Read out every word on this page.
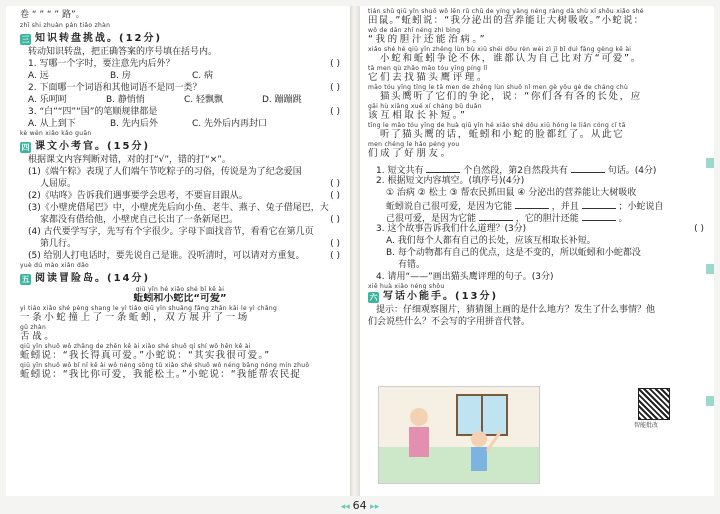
卷 “ ” “ ” 路”。
zhī shi zhuàn pán tiǎo zhàn
三 知识转盘挑战。(12分)
转动知识转盘，把正确答案的序号填在括号内。
1. 写哪一个字时，要注意先内后外？	( )
A. 远	B. 房	C. 病
2. 下面哪一个词语和其他词语不是同一类？	( )
A. 乐呵呵	B. 静悄悄	C. 轻飘飘	D. 蹦蹦跳
3. “白”“四”“国”的笔顺规律都是	( )
A. 从上到下	B. 先内后外	C. 先外后内再封口
kè wén xiǎo kǎo guān
四 课文小考官。(15分)
根据课文内容判断对错，对的打“√”，错的打“×”。
(1)《端午粽》表现了人们端午节吃粽子的习俗，传说是为了纪念爱国
人屈原。	( )
(2)《咕咚》告诉我们遇事要学会思考，不要盲目跟从。	( )
(3)《小壁虎借尾巴》中，小壁虎先后向小鱼、老牛、燕子、兔子借尾巴，大
家都没有借给他，小壁虎自己长出了一条新尾巴。	( )
(4) 古代要学写字，先写有个字很少。字母下面找音节，看看它在第几页
第几行。	( )
(5) 给别人打电话时，要先说自己是谁。没听清时，可以请对方重复。	( )
yuè dú mào xiǎn dǎo
五 阅读冒险岛。(14分)
qiū yǐn hé xiǎo shé bǐ kě ài
蚯蚓和小蛇比“可爱”
yì tiáo xiǎo shé pèng shang le yì tiáo qiū yǐn shuāng fāng zhǎn kāi le yì chǎng
一条小蛇撞上了一条蚯蚓，双方展开了一场
gǔ zhàn
舌战。
qiū yǐn shuō wǒ zhǎng de zhēn kě ài xiǎo shé shuō qí shí wǒ hěn kě ài
蚯蚓说：“我长得真可爱。”小蛇说：“其实我很可爱。”
qiū yǐn shuō wǒ bǐ nǐ kě ài wǒ néng sōng tǔ xiǎo shé shuō wǒ néng bāng nóng mín zhuō
蚯蚓说：“我比你可爱，我能松土。”小蛇说：“我能帮农民捉
tián shǔ qiū yǐn shuō wǒ lēn rǔ chū de yíng yǎng néng ràng dà shù xī shōu xiǎo shé
田鼠。”蚯蚓说：“我分泌出的营养能让大树吸收。”小蛇说：
wǒ de dān zhī néng zhì bìng
“我的胆汁还能治病。”
xiǎo shé hé qiū yǐn zhēng lùn bù xiū shéi dōu rèn wéi zì jǐ bǐ duì fāng gèng kě ài
小蛇和蚯蚓争论不休，谁都认为自己比对方“可爱”。
tā men qù zhǎo māo tóu yīng píng lǐ
它们去找猫头鹰评理。
māo tóu yīng tīng le tā men de zhēng lùn shuō nǐ men gè yǒu gè de cháng chù
猫头鹰听了它们的争论，说：“你们各有各的长处，应
gāi hù xiāng xué xí cháng bǔ duǎn
该互相取长补短。”
tīng le māo tóu yīng de huà qiū yǐn hé xiǎo shé dōu xiū hóng le liǎn cóng cǐ tā
听了猫头鹰的话，蚯蚓和小蛇的脸都红了。从此它
men chéng le hǎo péng you
们成了好朋友。
1. 短文共有	个自然段，第2自然段共有	句话。(4分)
2. 根据短文内容填空。(填序号)(4分)
① 治病 ② 松土 ③ 帮农民抓田鼠 ④ 分泌出的营养能让大树吸收
蚯蚓说自己很可爱，是因为它能	，并且	；小蛇说自
己很可爱，是因为它能	，它的胆汁还能	。
3. 这个故事告诉我们什么道理？(3分)	( )
A. 我们每个人都有自己的长处，应该互相取长补短。
B. 每个动物都有自己的优点，这是不变的，所以蚯蚓和小蛇都没
有错。
4. 请用“——”画出猫头鹰评理的句子。(3分)
xiě huà xiǎo néng shǒu
六 写话小能手。(13分)
提示：仔细观察图片，猜猜图上画的是什么地方？发生了什么事情？他
们会说些什么？不会写的字用拼音代替。
智能批改
◂◂ 64 ▸▸
